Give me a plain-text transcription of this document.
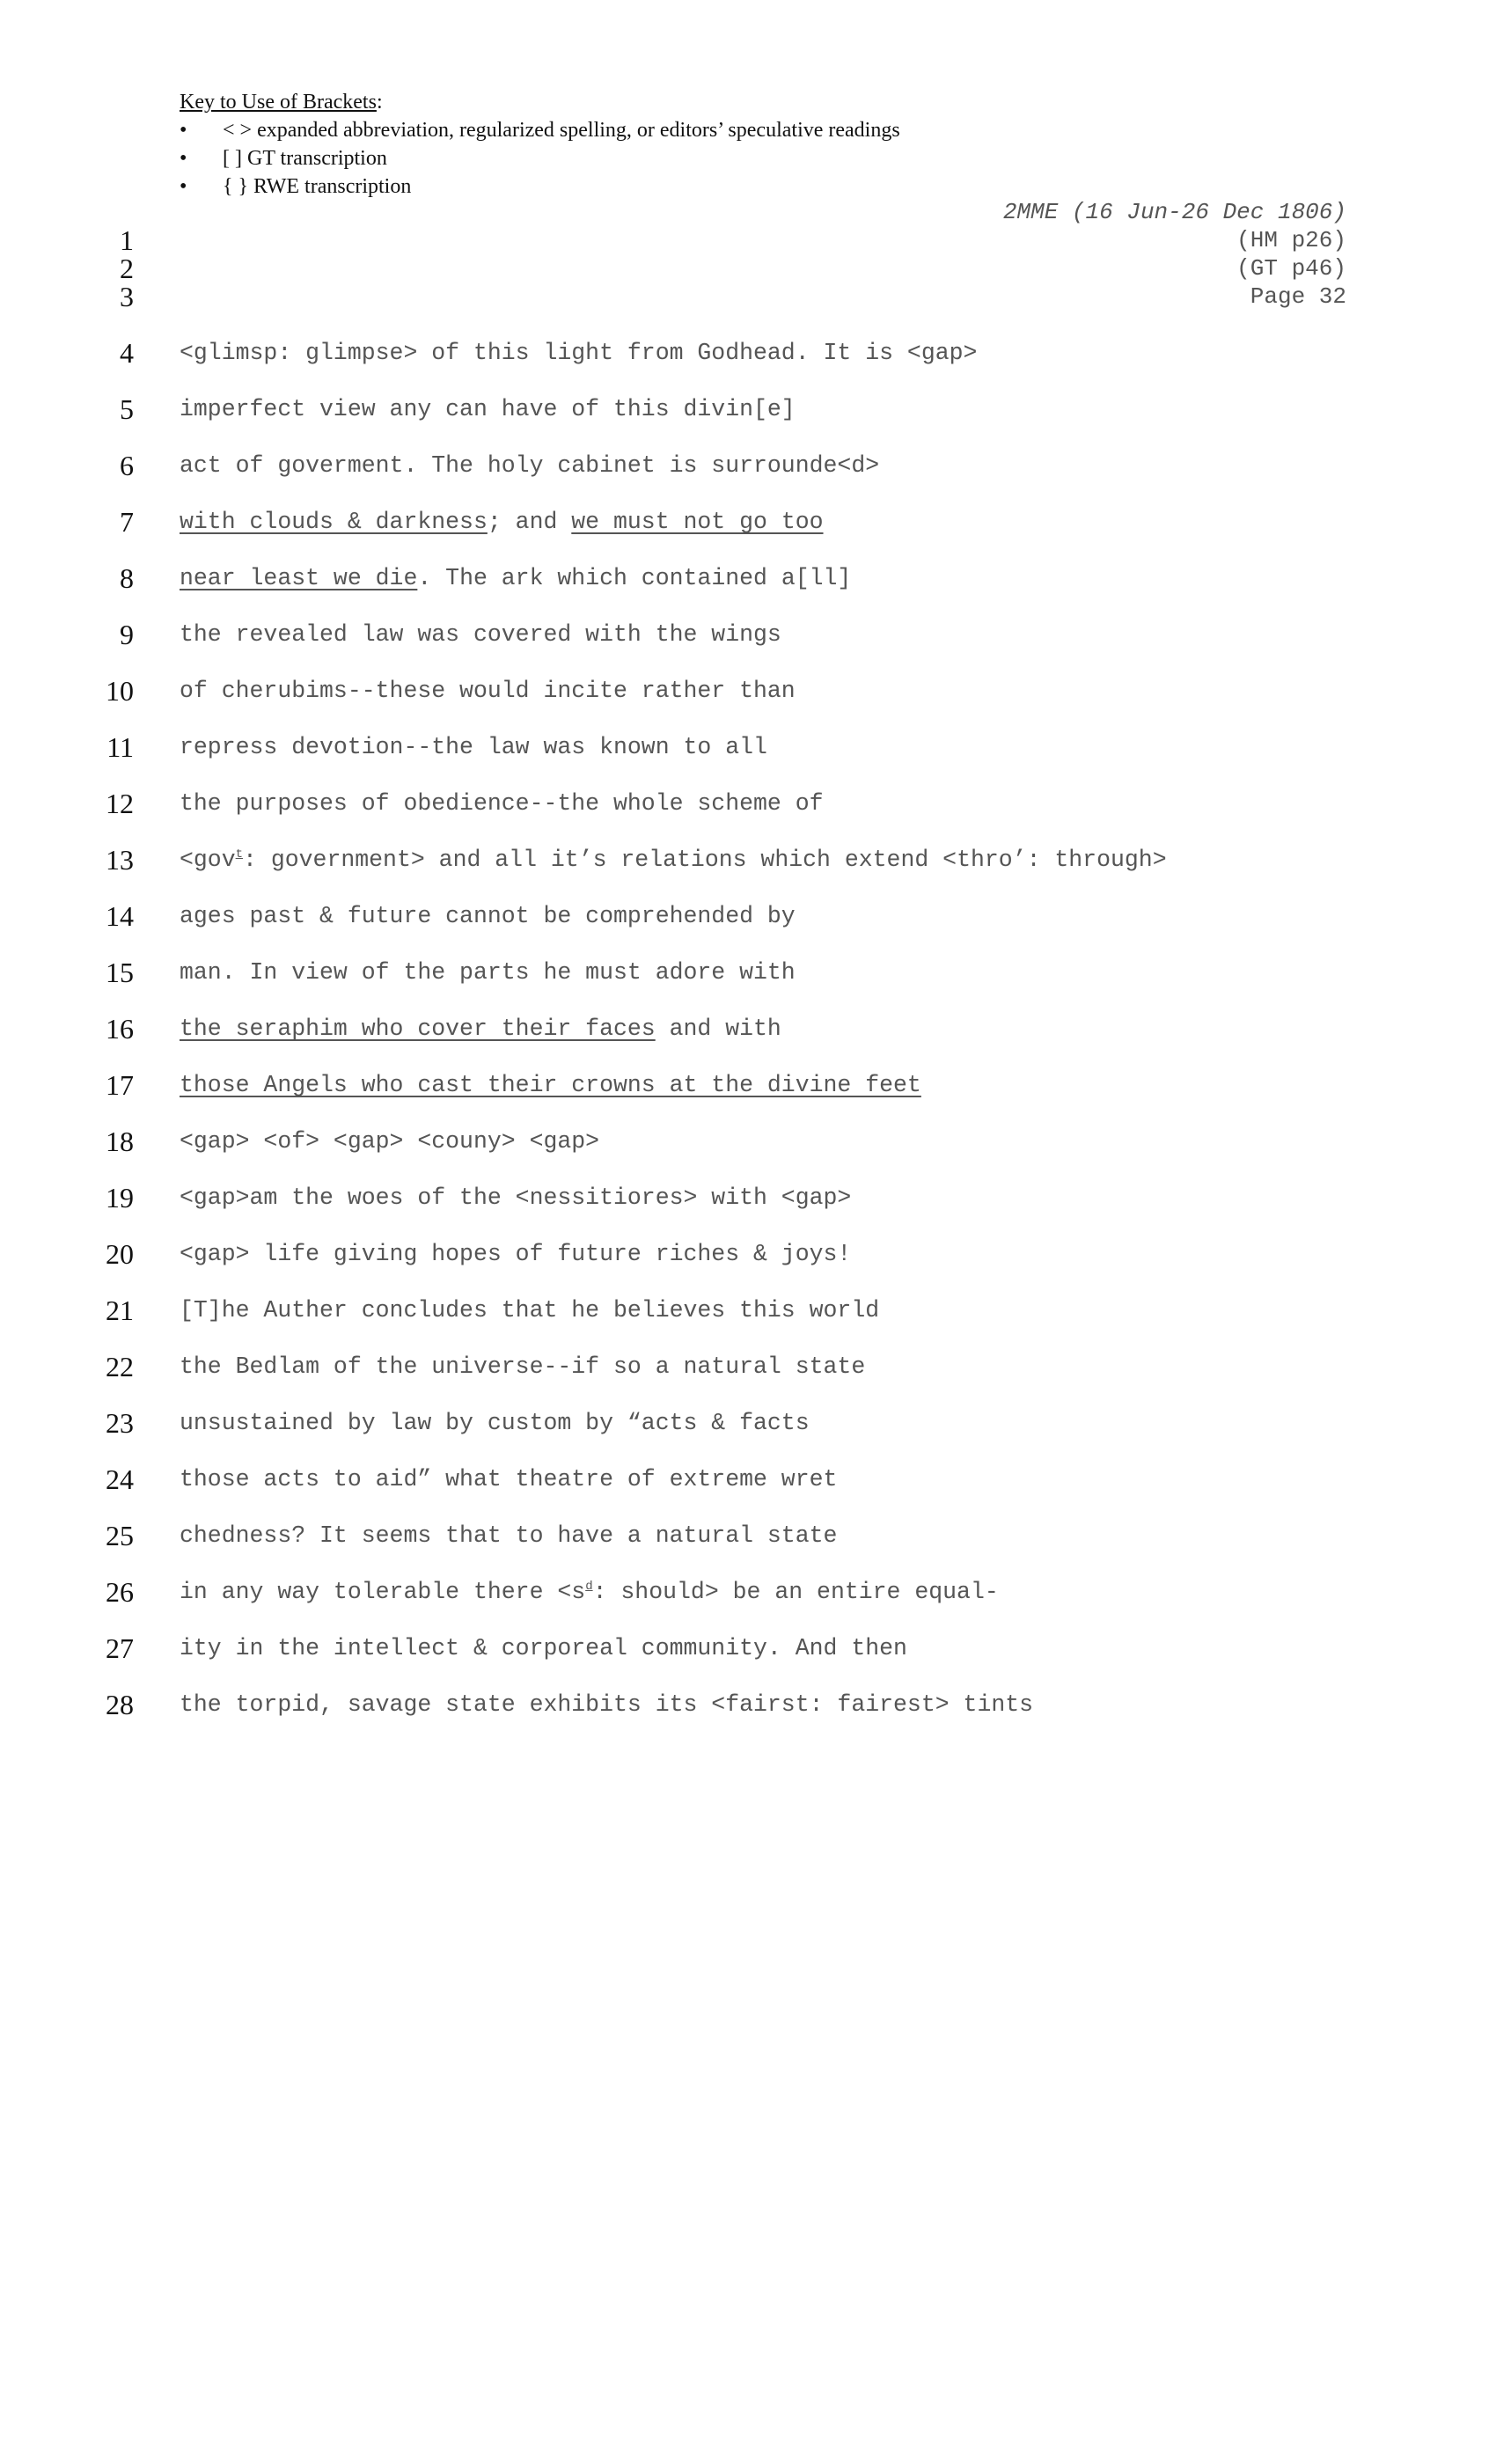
Key to Use of Brackets:
• < > expanded abbreviation, regularized spelling, or editors’ speculative readings
• [ ] GT transcription
• { } RWE transcription
2MME (16 Jun-26 Dec 1806)
(HM p26)
(GT p46)
Page 32
1
2
3
4
5
6
7
8
9
10
11
12
13
14
15
16
17
18
19
20
21
22
23
24
25
26
27
28
<glimsp: glimpse> of this light from Godhead. It is <gap>
imperfect view any can have of this divin[e]
act of goverment. The holy cabinet is surrounde<d>
with clouds & darkness; and we must not go too
near least we die. The ark which contained a[ll]
the revealed law was covered with the wings
of cherubims--these would incite rather than
repress devotion--the law was known to all
the purposes of obedience--the whole scheme of
<gov$^t$: government> and all it’s relations which extend <thro’: through>
ages past & future cannot be comprehended by
man. In view of the parts he must adore with
the seraphim who cover their faces and with
those Angels who cast their crowns at the divine feet
<gap> <of> <gap> <couny> <gap>
<gap>am the woes of the <nessitiores> with <gap>
<gap> life giving hopes of future riches & joys!
[T]he Auther concludes that he believes this world
the Bedlam of the universe--if so a natural state
unsustained by law by custom by “acts & facts
those acts to aid” what theatre of extreme wret
chedness? It seems that to have a natural state
in any way tolerable there $<s^d$: should> be an entire equal-
ity in the intellect & corporeal community. And then
the torpid, savage state exhibits its <fairst: fairest> tints
